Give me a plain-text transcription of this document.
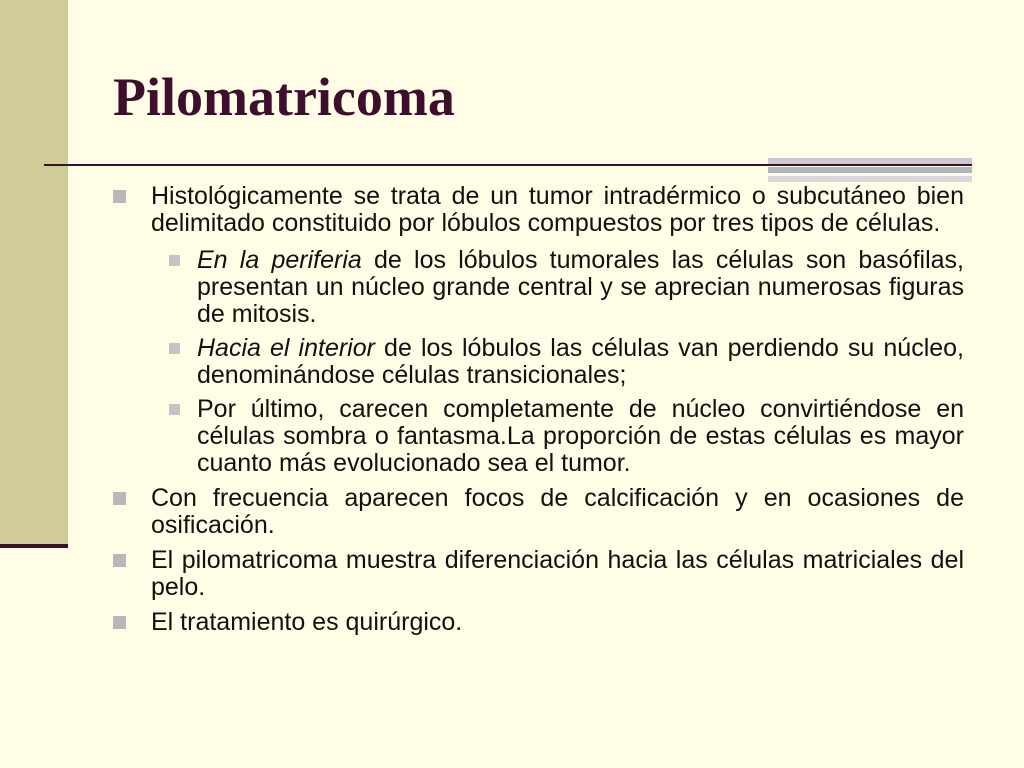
Pilomatricoma
Histológicamente se trata de un tumor intradérmico o subcutáneo bien delimitado constituido por lóbulos compuestos por tres tipos de células.
En la periferia de los lóbulos tumorales las células son basófilas, presentan un núcleo grande central y se aprecian numerosas figuras de mitosis.
Hacia el interior de los lóbulos las células van perdiendo su núcleo, denominándose células transicionales;
Por último, carecen completamente de núcleo convirtiéndose en células sombra o fantasma.La proporción de estas células es mayor cuanto más evolucionado sea el tumor.
Con frecuencia aparecen focos de calcificación y en ocasiones de osificación.
El pilomatricoma muestra diferenciación hacia las células matriciales del pelo.
El tratamiento es quirúrgico.
